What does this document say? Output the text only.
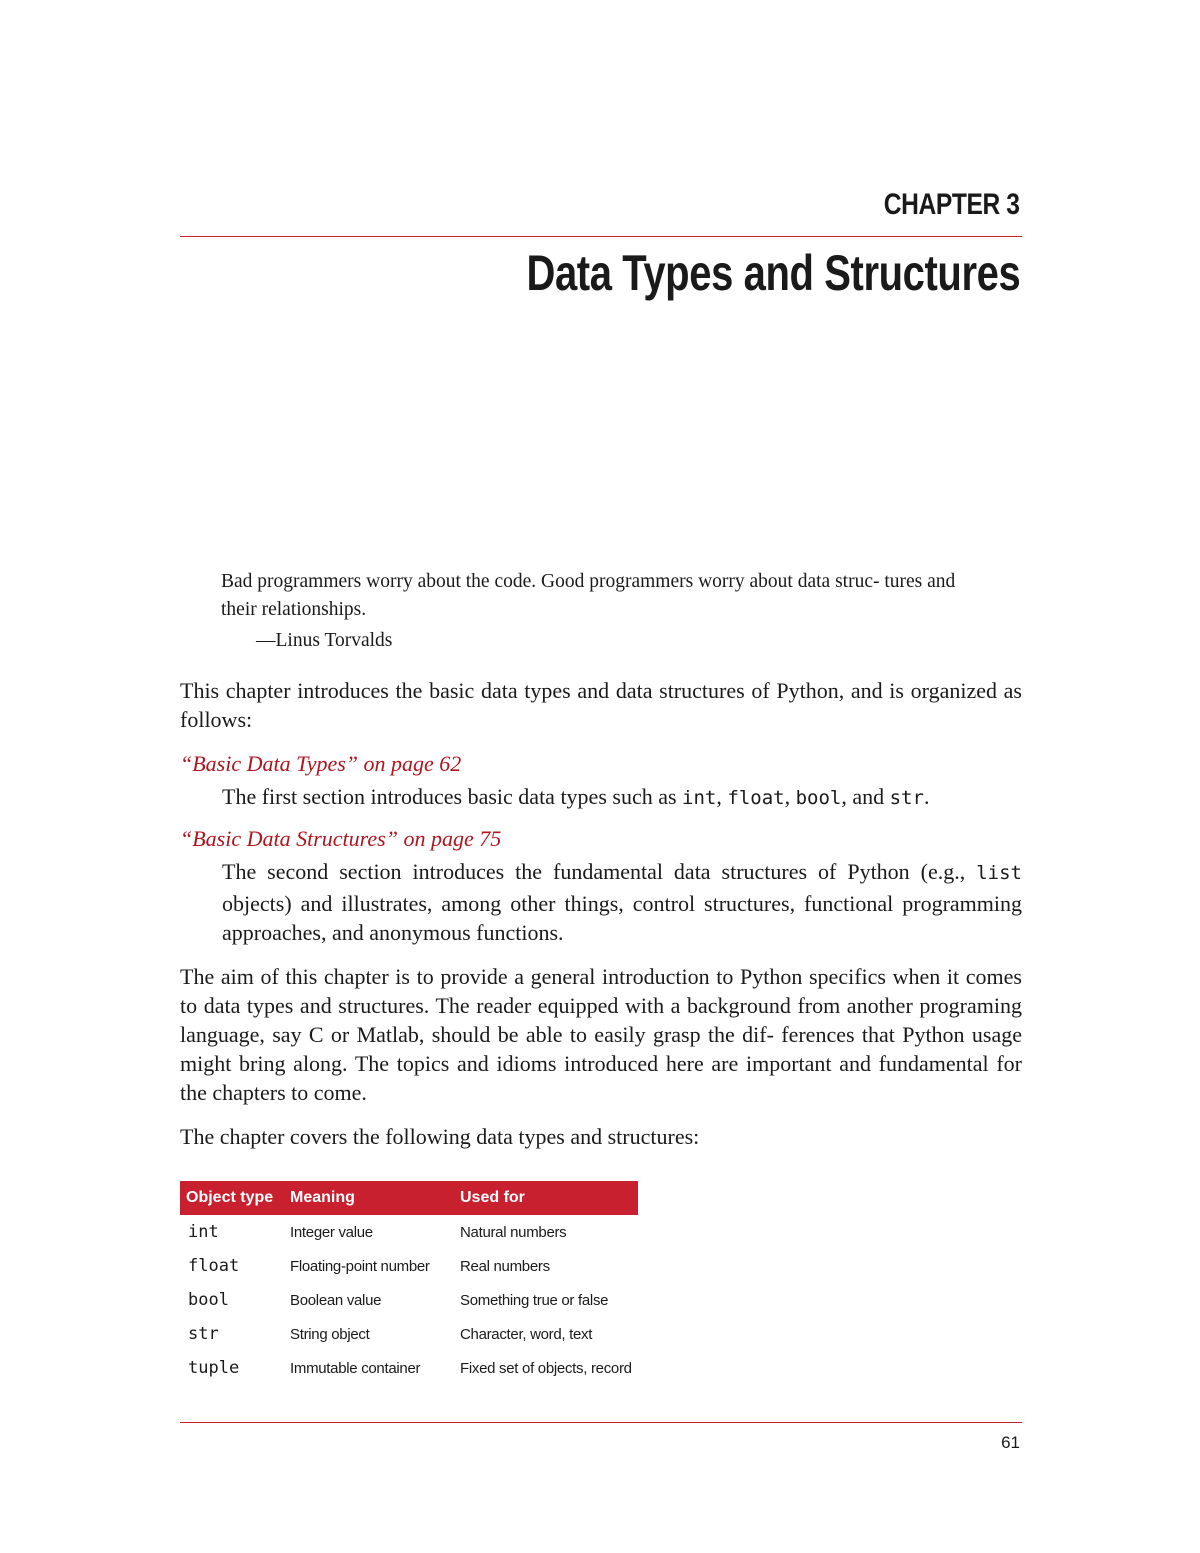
CHAPTER 3
Data Types and Structures
Bad programmers worry about the code. Good programmers worry about data struc- tures and their relationships.
—Linus Torvalds
This chapter introduces the basic data types and data structures of Python, and is organized as follows:
“Basic Data Types” on page 62
The first section introduces basic data types such as int, float, bool, and str.
“Basic Data Structures” on page 75
The second section introduces the fundamental data structures of Python (e.g., list objects) and illustrates, among other things, control structures, functional programming approaches, and anonymous functions.
The aim of this chapter is to provide a general introduction to Python specifics when it comes to data types and structures. The reader equipped with a background from another programing language, say C or Matlab, should be able to easily grasp the dif- ferences that Python usage might bring along. The topics and idioms introduced here are important and fundamental for the chapters to come.
The chapter covers the following data types and structures:
Object type	Meaning	Used for
int	Integer value	Natural numbers
float	Floating-point number	Real numbers
bool	Boolean value	Something true or false
str	String object	Character, word, text
tuple	Immutable container	Fixed set of objects, record
61
